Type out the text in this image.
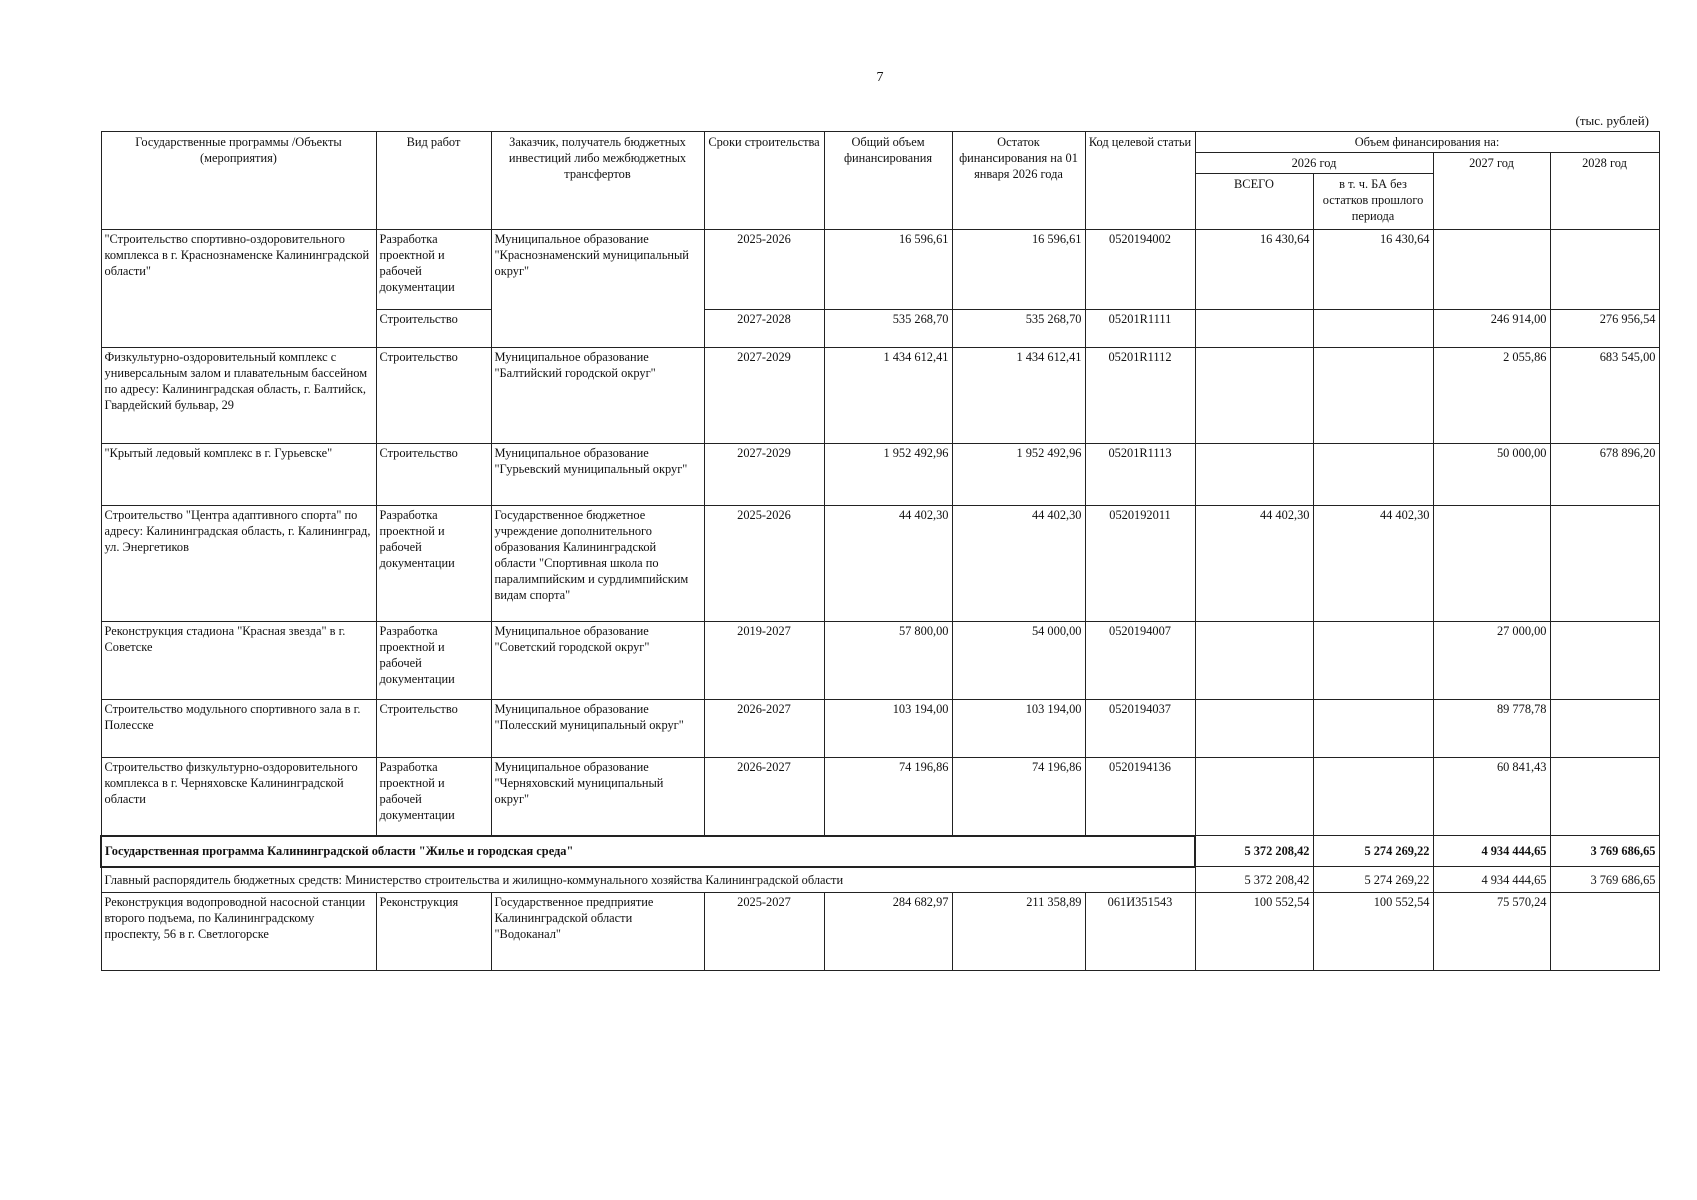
7
(тыс. рублей)
Государственные программы /Объекты (мероприятия)	Вид работ	Заказчик, получатель бюджетных инвестиций либо межбюджетных трансфертов	Сроки строительства	Общий объем финансирования	Остаток финансирования на 01 января 2026 года	Код целевой статьи	Объем финансирования на:			
							2026 год		2027 год	2028 год
							ВСЕГО	в т. ч. БА без остатков прошлого периода		
"Строительство спортивно-оздоровительного комплекса в г. Краснознаменске Калининградской области"	Разработка проектной и рабочей документации	Муниципальное образование "Краснознаменский муниципальный округ"	2025-2026	16 596,61	16 596,61	0520194002	16 430,64	16 430,64		
	Строительство		2027-2028	535 268,70	535 268,70	05201R1111			246 914,00	276 956,54
Физкультурно-оздоровительный комплекс с универсальным залом и плавательным бассейном по адресу: Калининградская область, г. Балтийск, Гвардейский бульвар, 29	Строительство	Муниципальное образование "Балтийский городской округ"	2027-2029	1 434 612,41	1 434 612,41	05201R1112			2 055,86	683 545,00
"Крытый ледовый комплекс в г. Гурьевске"	Строительство	Муниципальное образование "Гурьевский муниципальный округ"	2027-2029	1 952 492,96	1 952 492,96	05201R1113			50 000,00	678 896,20
Строительство "Центра адаптивного спорта" по адресу: Калининградская область, г. Калининград, ул. Энергетиков	Разработка проектной и рабочей документации	Государственное бюджетное учреждение дополнительного образования Калининградской области "Спортивная школа по паралимпийским и сурдлимпийским видам спорта"	2025-2026	44 402,30	44 402,30	0520192011	44 402,30	44 402,30		
Реконструкция стадиона "Красная звезда" в г. Советске	Разработка проектной и рабочей документации	Муниципальное образование "Советский городской округ"	2019-2027	57 800,00	54 000,00	0520194007			27 000,00	
Строительство модульного спортивного зала в г. Полесске	Строительство	Муниципальное образование "Полесский муниципальный округ"	2026-2027	103 194,00	103 194,00	0520194037			89 778,78	
Строительство физкультурно-оздоровительного комплекса в г. Черняховске Калининградской области	Разработка проектной и рабочей документации	Муниципальное образование "Черняховский муниципальный округ"	2026-2027	74 196,86	74 196,86	0520194136			60 841,43	
Государственная программа Калининградской области "Жилье и городская среда"							5 372 208,42	5 274 269,22	4 934 444,65	3 769 686,65
Главный распорядитель бюджетных средств: Министерство строительства и жилищно-коммунального хозяйства Калининградской области							5 372 208,42	5 274 269,22	4 934 444,65	3 769 686,65
Реконструкция водопроводной насосной станции второго подъема, по Калининградскому проспекту, 56 в г. Светлогорске	Реконструкция	Государственное предприятие Калининградской области "Водоканал"	2025-2027	284 682,97	211 358,89	061И351543	100 552,54	100 552,54	75 570,24	
